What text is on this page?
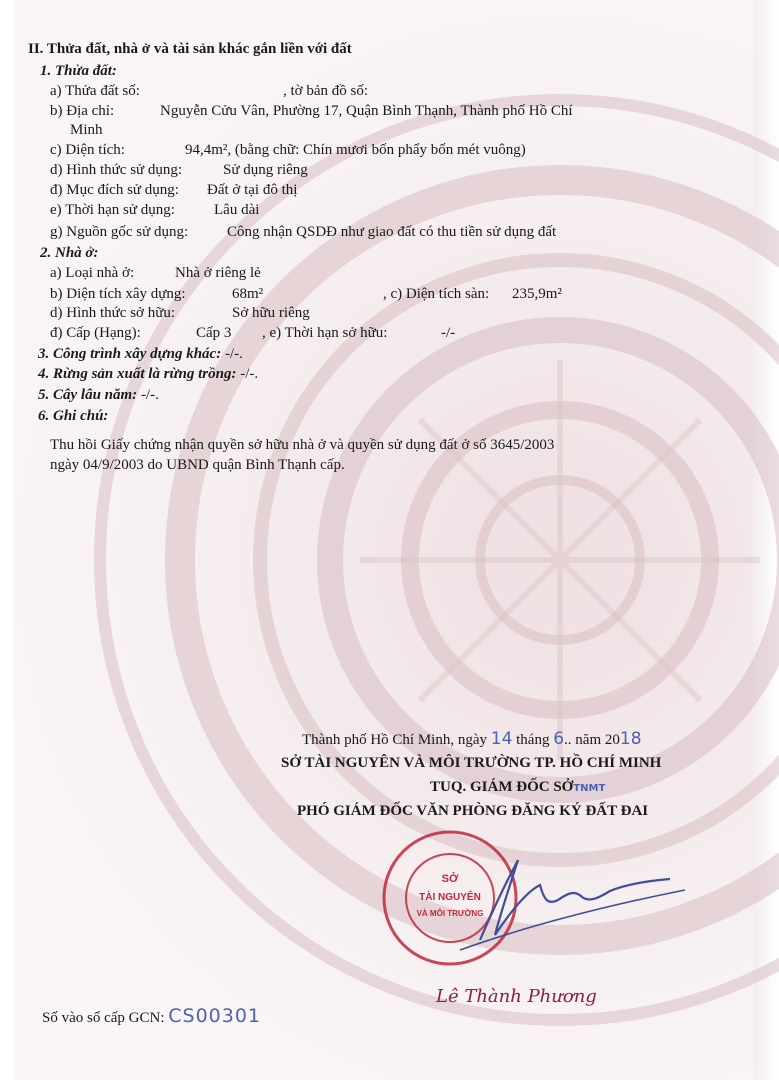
II. Thửa đất, nhà ở và tài sản khác gắn liền với đất
1. Thửa đất:
a) Thửa đất số:	, tờ bản đồ số:
b) Địa chỉ:	Nguyễn Cửu Vân, Phường 17, Quận Bình Thạnh, Thành phố Hồ Chí
Minh
c) Diện tích:	94,4m², (bằng chữ: Chín mươi bốn phẩy bốn mét vuông)
d) Hình thức sử dụng:	Sử dụng riêng
đ) Mục đích sử dụng: Đất ở tại đô thị
e) Thời hạn sử dụng:	Lâu dài
g) Nguồn gốc sử dụng:	Công nhận QSDĐ như giao đất có thu tiền sử dụng đất
2. Nhà ở:
a) Loại nhà ở:	Nhà ở riêng lẻ
b) Diện tích xây dựng:	68m²	, c) Diện tích sàn: 235,9m²
d) Hình thức sở hữu:	Sở hữu riêng
đ) Cấp (Hạng):	Cấp 3 , e) Thời hạn sở hữu:	-/-
3. Công trình xây dựng khác: -/-.
4. Rừng sản xuất là rừng trồng: -/-.
5. Cây lâu năm: -/-.
6. Ghi chú:
Thu hồi Giấy chứng nhận quyền sở hữu nhà ở và quyền sử dụng đất ở số 3645/2003
ngày 04/9/2003 do UBND quận Bình Thạnh cấp.
Thành phố Hồ Chí Minh, ngày 14 tháng 6.. năm 2018
SỞ TÀI NGUYÊN VÀ MÔI TRƯỜNG TP. HỒ CHÍ MINH
TUQ. GIÁM ĐỐC SỞTNMT
PHÓ GIÁM ĐỐC VĂN PHÒNG ĐĂNG KÝ ĐẤT ĐAI
SỞ
TÀI NGUYÊN
VÀ MÔI TRƯỜNG
Lê Thành Phương
Số vào sổ cấp GCN: CS00301
